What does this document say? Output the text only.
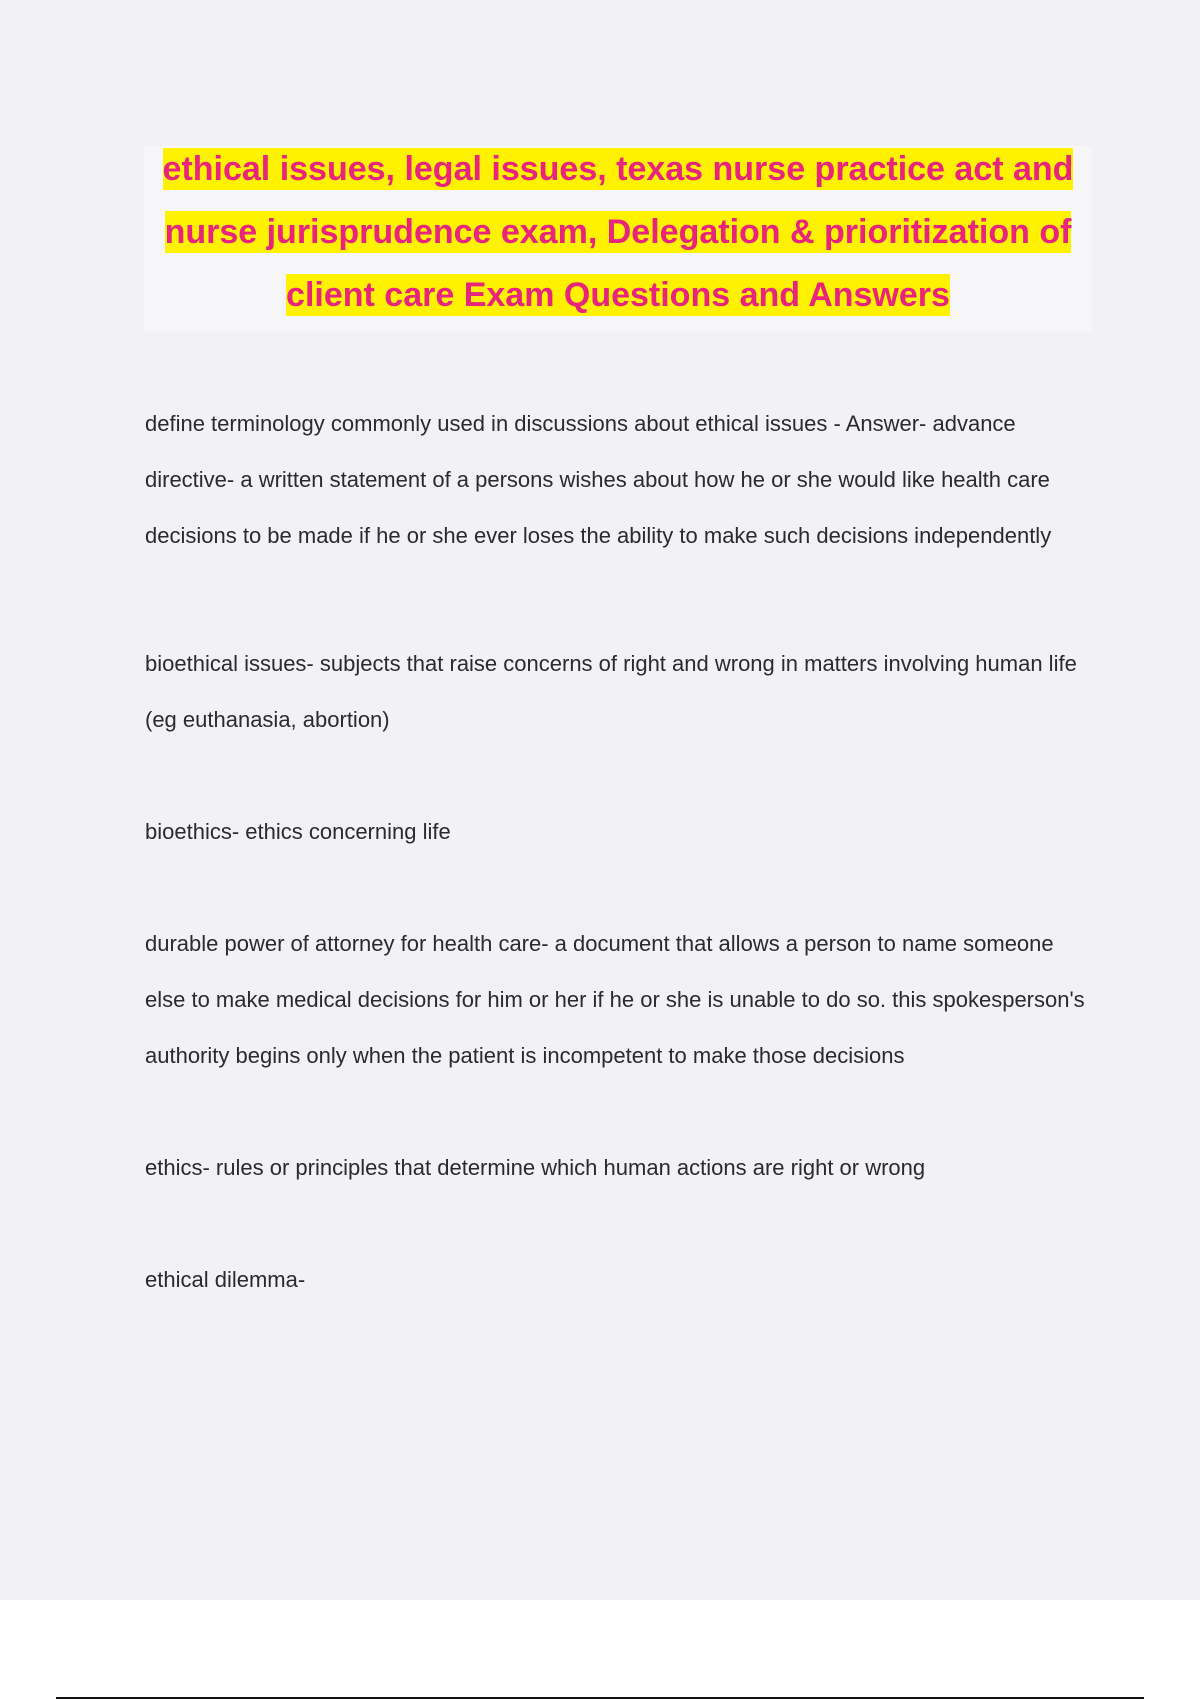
ethical issues, legal issues, texas nurse practice act and nurse jurisprudence exam, Delegation & prioritization of client care Exam Questions and Answers

define terminology commonly used in discussions about ethical issues - Answer- advance directive- a written statement of a persons wishes about how he or she would like health care decisions to be made if he or she ever loses the ability to make such decisions independently

bioethical issues- subjects that raise concerns of right and wrong in matters involving human life (eg euthanasia, abortion)

bioethics- ethics concerning life

durable power of attorney for health care- a document that allows a person to name someone else to make medical decisions for him or her if he or she is unable to do so. this spokesperson's authority begins only when the patient is incompetent to make those decisions

ethics- rules or principles that determine which human actions are right or wrong

ethical dilemma-
